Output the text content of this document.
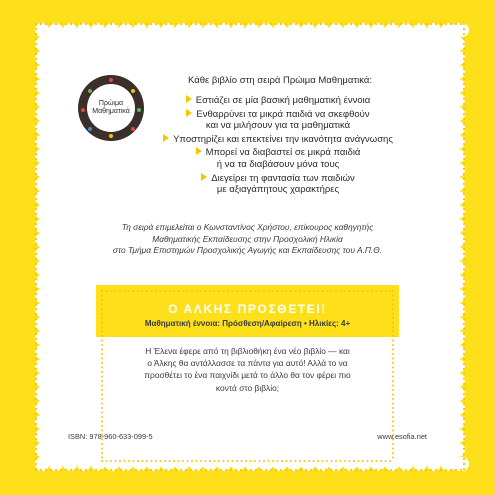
Πρώιμα
Μαθηματικά
Κάθε βιβλίο στη σειρά Πρώιμα Μαθηματικά:
Εστιάζει σε μία βασική μαθηματική έννοια
Ενθαρρύνει τα μικρά παιδιά να σκεφθούν
και να μιλήσουν για τα μαθηματικά
Υποστηρίζει και επεκτείνει την ικανότητα ανάγνωσης
Μπορεί να διαβαστεί σε μικρά παιδιά
ή να τα διαβάσουν μόνα τους
Διεγείρει τη φαντασία των παιδιών
με αξιαγάπητους χαρακτήρες
Τη σειρά επιμελείται ο Κωνσταντίνος Χρήστου, επίκουρος καθηγητής
Μαθηματικής Εκπαίδευσης στην Προσχολική Ηλικία
στο Τμήμα Επιστημών Προσχολικής Αγωγής και Εκπαίδευσης του Α.Π.Θ.
Ο ΑΛΚΗΣ ΠΡΟΣΘΕΤΕΙ!
Μαθηματική έννοια: Πρόσθεση/Αφαίρεση • Ηλικίες: 4+
Η Έλενα έφερε από τη βιβλιοθήκη ένα νέο βιβλίο — και
ο Άλκης θα αντάλλασσε τα πάντα για αυτό! Αλλά το να
προσθέτει το ένα παιχνίδι μετά το άλλο θα τον φέρει πιο
κοντά στο βιβλίο;
ISBN: 978-960-633-099-5	www.esofia.net
